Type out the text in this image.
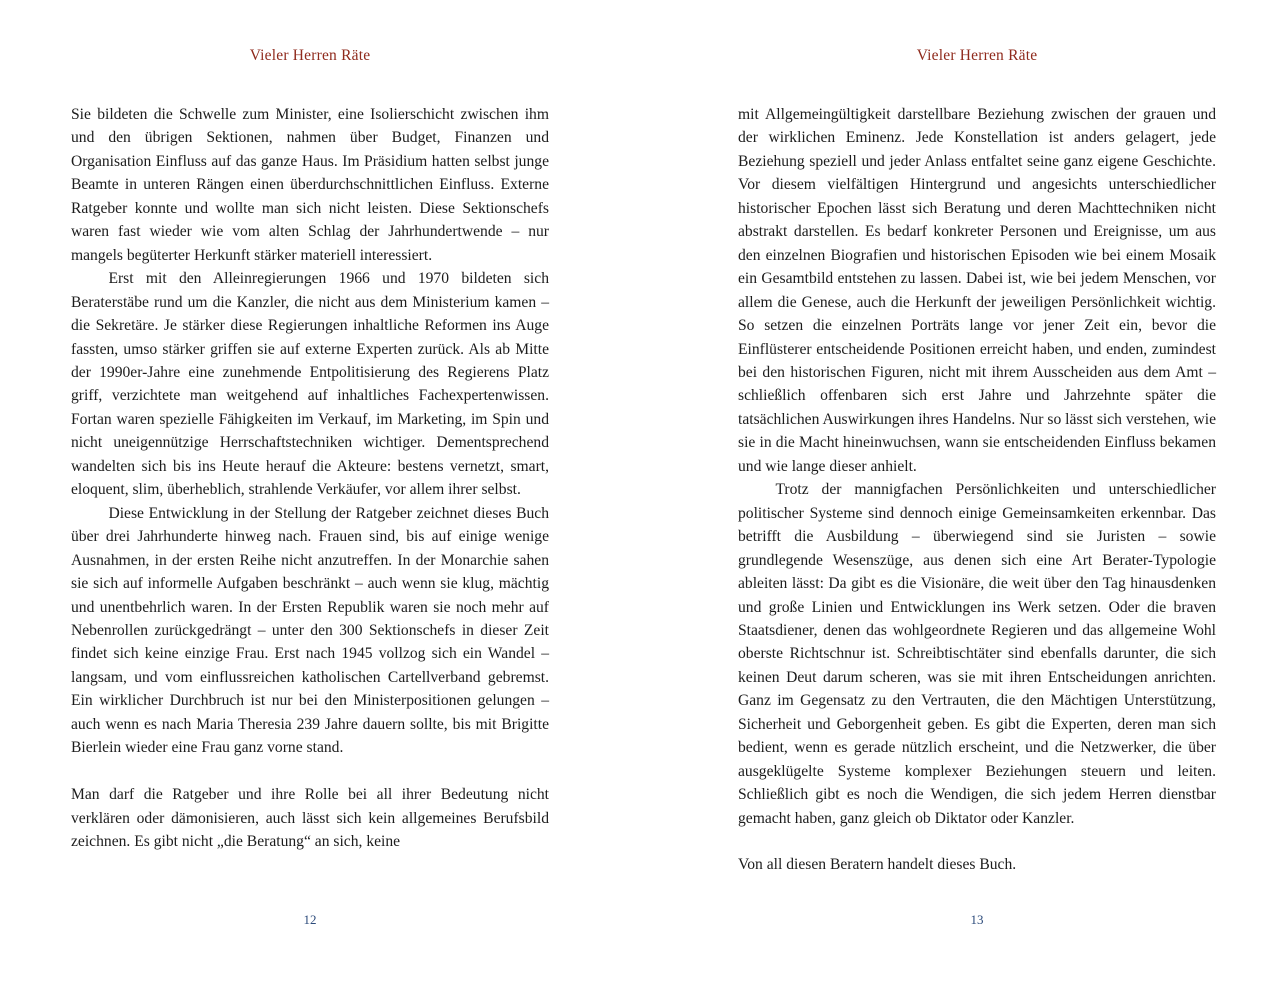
Vieler Herren Räte

Sie bildeten die Schwelle zum Minister, eine Isolierschicht zwischen ihm und den übrigen Sektionen, nahmen über Budget, Finanzen und Organisation Einfluss auf das ganze Haus. Im Präsidium hatten selbst junge Beamte in unteren Rängen einen überdurchschnittlichen Einfluss. Externe Ratgeber konnte und wollte man sich nicht leisten. Diese Sektionschefs waren fast wieder wie vom alten Schlag der Jahrhundertwende – nur mangels begüterter Herkunft stärker materiell interessiert.

Erst mit den Alleinregierungen 1966 und 1970 bildeten sich Beraterstäbe rund um die Kanzler, die nicht aus dem Ministerium kamen – die Sekretäre. Je stärker diese Regierungen inhaltliche Reformen ins Auge fassten, umso stärker griffen sie auf externe Experten zurück. Als ab Mitte der 1990er-Jahre eine zunehmende Entpolitisierung des Regierens Platz griff, verzichtete man weitgehend auf inhaltliches Fachexpertenwissen. Fortan waren spezielle Fähigkeiten im Verkauf, im Marketing, im Spin und nicht uneigennützige Herrschaftstechniken wichtiger. Dementsprechend wandelten sich bis ins Heute herauf die Akteure: bestens vernetzt, smart, eloquent, slim, überheblich, strahlende Verkäufer, vor allem ihrer selbst.

Diese Entwicklung in der Stellung der Ratgeber zeichnet dieses Buch über drei Jahrhunderte hinweg nach. Frauen sind, bis auf einige wenige Ausnahmen, in der ersten Reihe nicht anzutreffen. In der Monarchie sahen sie sich auf informelle Aufgaben beschränkt – auch wenn sie klug, mächtig und unentbehrlich waren. In der Ersten Republik waren sie noch mehr auf Nebenrollen zurückgedrängt – unter den 300 Sektionschefs in dieser Zeit findet sich keine einzige Frau. Erst nach 1945 vollzog sich ein Wandel – langsam, und vom einflussreichen katholischen Cartellverband gebremst. Ein wirklicher Durchbruch ist nur bei den Ministerpositionen gelungen – auch wenn es nach Maria Theresia 239 Jahre dauern sollte, bis mit Brigitte Bierlein wieder eine Frau ganz vorne stand.

Man darf die Ratgeber und ihre Rolle bei all ihrer Bedeutung nicht verklären oder dämonisieren, auch lässt sich kein allgemeines Berufsbild zeichnen. Es gibt nicht „die Beratung“ an sich, keine

12
Vieler Herren Räte

mit Allgemeingültigkeit darstellbare Beziehung zwischen der grauen und der wirklichen Eminenz. Jede Konstellation ist anders gelagert, jede Beziehung speziell und jeder Anlass entfaltet seine ganz eigene Geschichte. Vor diesem vielfältigen Hintergrund und angesichts unterschiedlicher historischer Epochen lässt sich Beratung und deren Machttechniken nicht abstrakt darstellen. Es bedarf konkreter Personen und Ereignisse, um aus den einzelnen Biografien und historischen Episoden wie bei einem Mosaik ein Gesamtbild entstehen zu lassen. Dabei ist, wie bei jedem Menschen, vor allem die Genese, auch die Herkunft der jeweiligen Persönlichkeit wichtig. So setzen die einzelnen Porträts lange vor jener Zeit ein, bevor die Einflüsterer entscheidende Positionen erreicht haben, und enden, zumindest bei den historischen Figuren, nicht mit ihrem Ausscheiden aus dem Amt – schließlich offenbaren sich erst Jahre und Jahrzehnte später die tatsächlichen Auswirkungen ihres Handelns. Nur so lässt sich verstehen, wie sie in die Macht hineinwuchsen, wann sie entscheidenden Einfluss bekamen und wie lange dieser anhielt.

Trotz der mannigfachen Persönlichkeiten und unterschiedlicher politischer Systeme sind dennoch einige Gemeinsamkeiten erkennbar. Das betrifft die Ausbildung – überwiegend sind sie Juristen – sowie grundlegende Wesenszüge, aus denen sich eine Art Berater-Typologie ableiten lässt: Da gibt es die Visionäre, die weit über den Tag hinausdenken und große Linien und Entwicklungen ins Werk setzen. Oder die braven Staatsdiener, denen das wohlgeordnete Regieren und das allgemeine Wohl oberste Richtschnur ist. Schreibtischtäter sind ebenfalls darunter, die sich keinen Deut darum scheren, was sie mit ihren Entscheidungen anrichten. Ganz im Gegensatz zu den Vertrauten, die den Mächtigen Unterstützung, Sicherheit und Geborgenheit geben. Es gibt die Experten, deren man sich bedient, wenn es gerade nützlich erscheint, und die Netzwerker, die über ausgeklügelte Systeme komplexer Beziehungen steuern und leiten. Schließlich gibt es noch die Wendigen, die sich jedem Herren dienstbar gemacht haben, ganz gleich ob Diktator oder Kanzler.

Von all diesen Beratern handelt dieses Buch.

13
